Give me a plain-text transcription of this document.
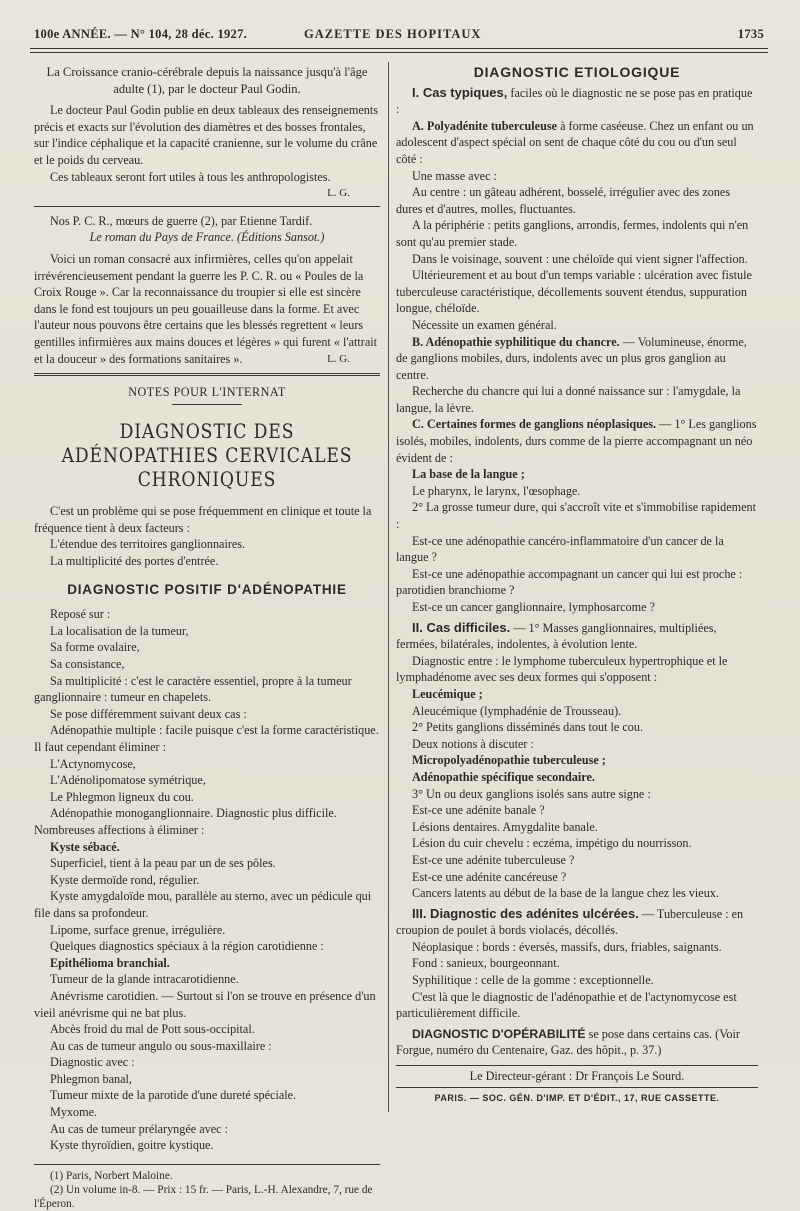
100e ANNÉE. — N° 104, 28 déc. 1927.	GAZETTE DES HOPITAUX	1735

La Croissance cranio-cérébrale depuis la naissance jusqu'à l'âge adulte (1), par le docteur Paul Godin.

Le docteur Paul Godin publie en deux tableaux des renseignements précis et exacts sur l'évolution des diamètres et des bosses frontales, sur l'indice céphalique et la capacité cranienne, sur le volume du crâne et le poids du cerveau.

Ces tableaux seront fort utiles à tous les anthropologistes.

L. G.

Nos P. C. R., mœurs de guerre (2), par Etienne Tardif.

Le roman du Pays de France. (Éditions Sansot.)

Voici un roman consacré aux infirmières, celles qu'on appelait irrévérencieusement pendant la guerre les P. C. R. ou « Poules de la Croix Rouge ». Car la reconnaissance du troupier si elle est sincère dans le fond est toujours un peu gouailleuse dans la forme. Et avec l'auteur nous pouvons être certains que les blessés regrettent « leurs gentilles infirmières aux mains douces et légères » qui furent « l'attrait et la douceur » des formations sanitaires ».	L. G.

NOTES POUR L'INTERNAT

DIAGNOSTIC DES ADÉNOPATHIES CERVICALES

CHRONIQUES

C'est un problème qui se pose fréquemment en clinique et toute la fréquence tient à deux facteurs :

L'étendue des territoires ganglionnaires.

La multiplicité des portes d'entrée.

DIAGNOSTIC POSITIF D'ADÉNOPATHIE

Reposé sur :

La localisation de la tumeur,

Sa forme ovalaire,

Sa consistance,

Sa multiplicité : c'est le caractère essentiel, propre à la tumeur ganglionnaire : tumeur en chapelets.

Se pose différemment suivant deux cas :

Adénopathie multiple : facile puisque c'est la forme caractéristique. Il faut cependant éliminer :

L'Actynomycose,

L'Adénolipomatose symétrique,

Le Phlegmon ligneux du cou.

Adénopathie monoganglionnaire. Diagnostic plus difficile. Nombreuses affections à éliminer :

Kyste sébacé.

Superficiel, tient à la peau par un de ses pôles.

Kyste dermoïde rond, régulier.

Kyste amygdaloïde mou, parallèle au sterno, avec un pédicule qui file dans sa profondeur.

Lipome, surface grenue, irrégulière.

Quelques diagnostics spéciaux à la région carotidienne :

Epithélioma branchial.

Tumeur de la glande intracarotidienne.

Anévrisme carotidien. — Surtout si l'on se trouve en présence d'un vieil anévrisme qui ne bat plus.

Abcès froid du mal de Pott sous-occipital.

Au cas de tumeur angulo ou sous-maxillaire :

Diagnostic avec :

Phlegmon banal,

Tumeur mixte de la parotide d'une dureté spéciale.

Myxome.

Au cas de tumeur prélaryngée avec :

Kyste thyroïdien, goitre kystique.

(1) Paris, Norbert Maloine.

(2) Un volume in-8. — Prix : 15 fr. — Paris, L.-H. Alexandre, 7, rue de l'Éperon.

DIAGNOSTIC ETIOLOGIQUE

I. Cas typiques, faciles où le diagnostic ne se pose pas en pratique :

A. Polyadénite tuberculeuse à forme caséeuse. Chez un enfant ou un adolescent d'aspect spécial on sent de chaque côté du cou ou d'un seul côté :

Une masse avec :

Au centre : un gâteau adhérent, bosselé, irrégulier avec des zones dures et d'autres, molles, fluctuantes.

A la périphérie : petits ganglions, arrondis, fermes, indolents qui n'en sont qu'au premier stade.

Dans le voisinage, souvent : une chéloïde qui vient signer l'affection.

Ultérieurement et au bout d'un temps variable : ulcération avec fistule tuberculeuse caractéristique, décollements souvent étendus, suppuration longue, chéloïde.

Nécessite un examen général.

B. Adénopathie syphilitique du chancre. — Volumineuse, énorme, de ganglions mobiles, durs, indolents avec un plus gros ganglion au centre.

Recherche du chancre qui lui a donné naissance sur : l'amygdale, la langue, la lèvre.

C. Certaines formes de ganglions néoplasiques. — 1° Les ganglions isolés, mobiles, indolents, durs comme de la pierre accompagnant un néo évident de :

La base de la langue ;

Le pharynx, le larynx, l'œsophage.

2° La grosse tumeur dure, qui s'accroît vite et s'immobilise rapidement :

Est-ce une adénopathie cancéro-inflammatoire d'un cancer de la langue ?

Est-ce une adénopathie accompagnant un cancer qui lui est proche : parotidien branchiome ?

Est-ce un cancer ganglionnaire, lymphosarcome ?

II. Cas difficiles. — 1° Masses ganglionnaires, multipliées, fermées, bilatérales, indolentes, à évolution lente.

Diagnostic entre : le lymphome tuberculeux hypertrophique et le lymphadénome avec ses deux formes qui s'opposent :

Leucémique ;

Aleucémique (lymphadénie de Trousseau).

2° Petits ganglions disséminés dans tout le cou.

Deux notions à discuter :

Micropolyadénopathie tuberculeuse ;

Adénopathie spécifique secondaire.

3° Un ou deux ganglions isolés sans autre signe :

Est-ce une adénite banale ?

Lésions dentaires. Amygdalite banale.

Lésion du cuir chevelu : eczéma, impétigo du nourrisson.

Est-ce une adénite tuberculeuse ?

Est-ce une adénite cancéreuse ?

Cancers latents au début de la base de la langue chez les vieux.

III. Diagnostic des adénites ulcérées. — Tuberculeuse : en croupion de poulet à bords violacés, décollés.

Néoplasique : bords : éversés, massifs, durs, friables, saignants.

Fond : sanieux, bourgeonnant.

Syphilitique : celle de la gomme : exceptionnelle.

C'est là que le diagnostic de l'adénopathie et de l'actynomycose est particulièrement difficile.

DIAGNOSTIC D'OPÉRABILITÉ se pose dans certains cas. (Voir Forgue, numéro du Centenaire, Gaz. des hôpit., p. 37.)

Le Directeur-gérant : Dr François Le Sourd.

PARIS. — SOC. GÉN. D'IMP. ET D'ÉDIT., 17, RUE CASSETTE.
